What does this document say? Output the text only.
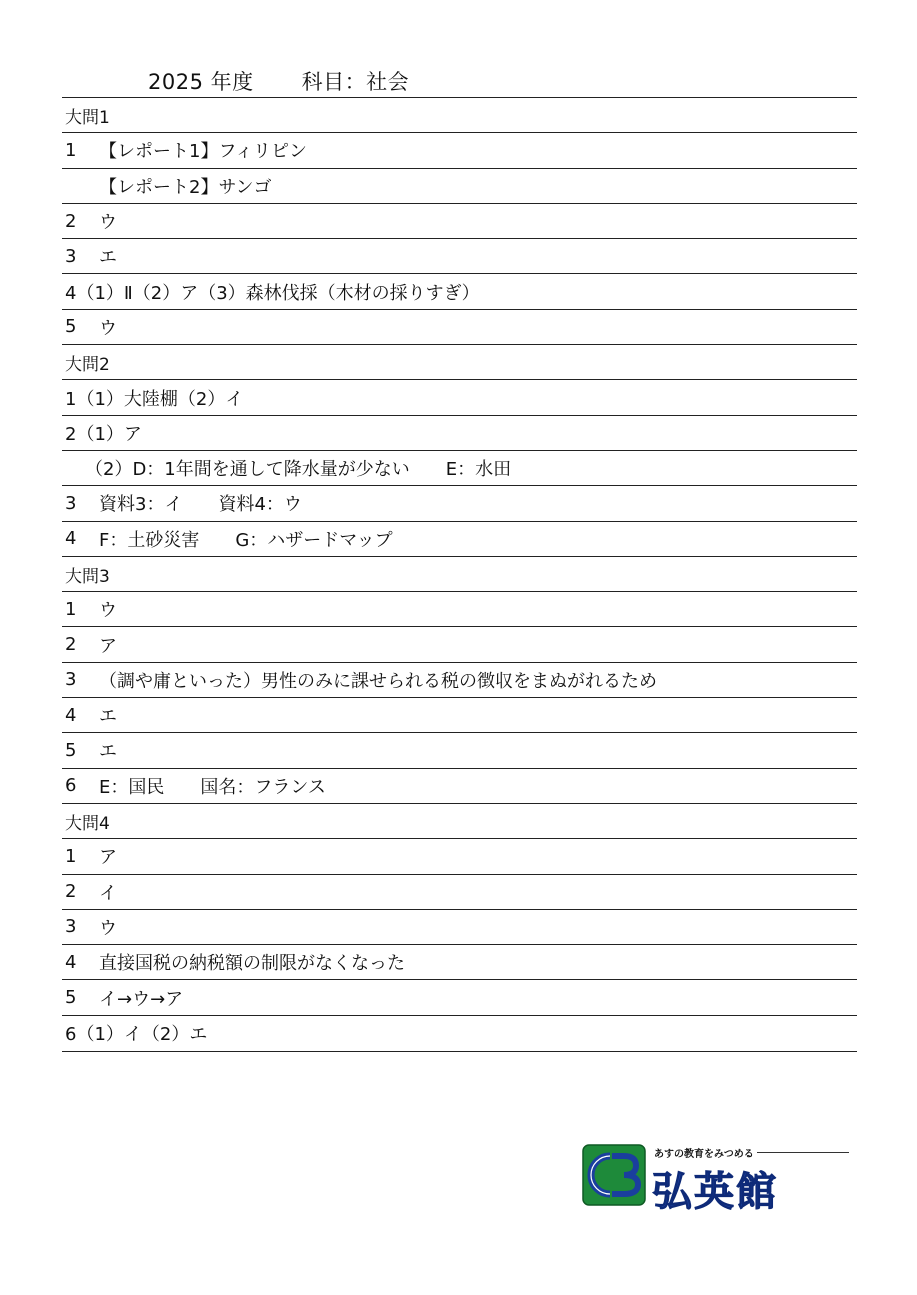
2025 年度 科目：社会
大問1
1	【レポート1】フィリピン
【レポート2】サンゴ
2	ウ
3	エ
4（1）Ⅱ（2）ア（3）森林伐採（木材の採りすぎ）
5	ウ
大問2
1（1）大陸棚（2）イ
2（1）ア
（2）D：1年間を通して降水量が少ない　　E：水田
3	資料3：イ　　資料4：ウ
4	F：土砂災害　　G：ハザードマップ
大問3
1	ウ
2	ア
3	（調や庸といった）男性のみに課せられる税の徴収をまぬがれるため
4	エ
5	エ
6	E：国民　　国名：フランス
大問4
1	ア
2	イ
3	ウ
4	直接国税の納税額の制限がなくなった
5	イ→ウ→ア
6（1）イ（2）エ
あすの教育をみつめる
弘英館
